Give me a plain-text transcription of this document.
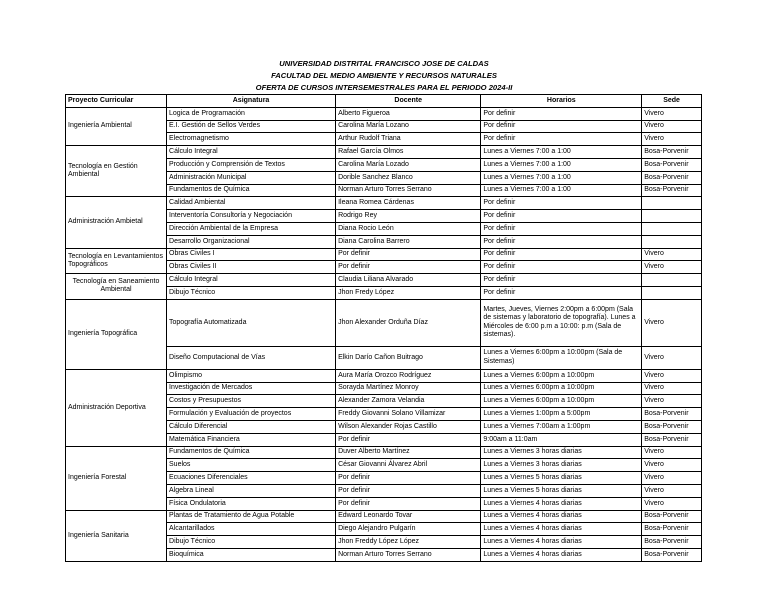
UNIVERSIDAD DISTRITAL FRANCISCO JOSE DE CALDAS
FACULTAD DEL MEDIO AMBIENTE Y RECURSOS NATURALES
OFERTA DE CURSOS INTERSEMESTRALES PARA EL PERIODO 2024-II
Proyecto Curricular	Asignatura	Docente	Horarios	Sede
Ingeniería Ambiental	Logica de Programación	Alberto Figueroa	Por definir	Vivero
	E.I. Gestión de Sellos Verdes	Carolina María Lozano	Por definir	Vivero
	Electromagnetismo	Arthur Rudolf Triana	Por definir	Vivero
Tecnología en Gestión Ambiental	Cálculo Integral	Rafael García Olmos	Lunes a Viernes 7:00 a 1:00	Bosa-Porvenir
	Producción y Comprensión de Textos	Carolina María Lozado	Lunes a Viernes 7:00 a 1:00	Bosa-Porvenir
	Administración Municipal	Dorible Sanchez Blanco	Lunes a Viernes 7:00 a 1:00	Bosa-Porvenir
	Fundamentos de Química	Norman Arturo Torres Serrano	Lunes a Viernes 7:00 a 1:00	Bosa-Porvenir
Administración Ambietal	Calidad Ambiental	Ileana Romea Cárdenas	Por definir	
	Interventoría Consultoría y Negociación	Rodrigo Rey	Por definir	
	Dirección Ambiental de la Empresa	Diana Rocio León	Por definir	
	Desarrollo Organizacional	Diana Carolina Barrero	Por definir	
Tecnología en Levantamientos Topográficos	Obras Civiles I	Por definir	Por definir	Vivero
	Obras Civiles II	Por definir	Por definir	Vivero
Tecnología en Saneamiento Ambiental	Cálculo Integral	Claudia Liliana Alvarado	Por definir	
	Dibujo Técnico	Jhon Fredy López	Por definir	
Ingeniería Topográfica	Topografía Automatizada	Jhon Alexander Orduña Díaz	Martes, Jueves, Viernes 2:00pm a 6:00pm (Sala de sistemas y laboratorio de topografía). Lunes a Miércoles de 6:00 p.m a 10:00: p.m (Sala de sistemas).	Vivero
	Diseño Computacional de Vías	Elkin Darío Cañon Buitrago	Lunes a Viernes 6:00pm a 10:00pm (Sala de Sistemas)	Vivero
Administración Deportiva	Olimpismo	Aura María Orozco Rodríguez	Lunes a Viernes 6:00pm a 10:00pm	Vivero
	Investigación de Mercados	Sorayda Martínez Monroy	Lunes a Viernes 6:00pm a 10:00pm	Vivero
	Costos y Presupuestos	Alexander Zamora Velandia	Lunes a Viernes 6:00pm a 10:00pm	Vivero
	Formulación y Evaluación de proyectos	Freddy Giovanni Solano Villamizar	Lunes a Viernes 1:00pm a 5:00pm	Bosa-Porvenir
	Cálculo Diferencial	Wilson Alexander Rojas Castillo	Lunes a Viernes 7:00am a 1:00pm	Bosa-Porvenir
	Matemática Financiera	Por definir	9:00am a 11:0am	Bosa-Porvenir
Ingeniería Forestal	Fundamentos de Química	Duver Alberto Martínez	Lunes a Viernes 3 horas diarias	Vivero
	Suelos	César Giovanni Álvarez Abril	Lunes a Viernes 3 horas diarias	Vivero
	Ecuaciones Diferenciales	Por definir	Lunes a Viernes 5 horas diarias	Vivero
	Algebra Lineal	Por definir	Lunes a Viernes 5 horas diarias	Vivero
	Física Ondulatoria	Por definir	Lunes a Viernes 4 horas diarias	Vivero
Ingeniería Sanitaria	Plantas de Tratamiento de Agua Potable	Edward Leonardo Tovar	Lunes a Viernes 4 horas diarias	Bosa-Porvenir
	Alcantarillados	Diego Alejandro Pulgarín	Lunes a Viernes 4 horas diarias	Bosa-Porvenir
	Dibujo Técnico	Jhon Freddy López López	Lunes a Viernes 4 horas diarias	Bosa-Porvenir
	Bioquímica	Norman Arturo Torres Serrano	Lunes a Viernes 4 horas diarias	Bosa-Porvenir
